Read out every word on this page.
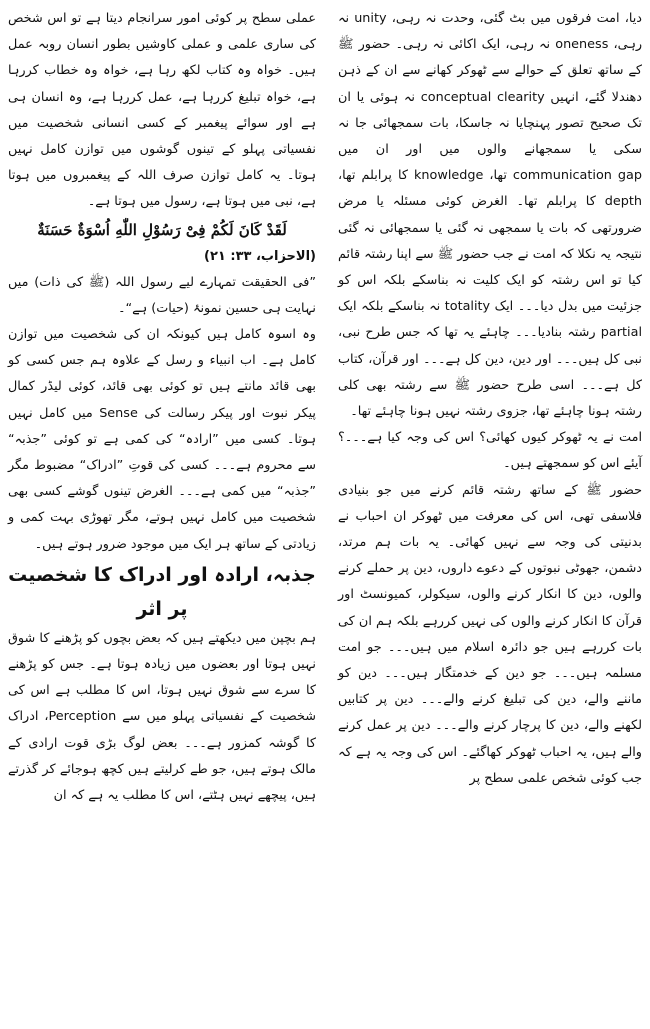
دیا، امت فرقوں میں بٹ گئی، وحدت نہ رہی، unity نہ رہی، oneness نہ رہی، ایک اکائی نہ رہی۔ حضور ﷺ کے ساتھ تعلق کے حوالے سے ٹھوکر کھانے سے ان کے ذہن دھندلا گئے، انہیں conceptual clearity نہ ہوئی یا ان تک صحیح تصور پہنچایا نہ جاسکا، بات سمجھائی جا نہ سکی یا سمجھانے والوں میں اور ان میں communication gap تھا، knowledge کا پرابلم تھا، depth کا پرابلم تھا۔ الغرض کوئی مسئلہ یا مرض ضرورتھی کہ بات یا سمجھی نہ گئی یا سمجھائی نہ گئی نتیجہ یہ نکلا کہ امت نے جب حضور ﷺ سے اپنا رشتہ قائم کیا تو اس رشتہ کو ایک کلیت نہ بناسکے بلکہ اس کو جزئیت میں بدل دیا۔۔۔ ایک totality نہ بناسکے بلکہ ایک partial رشتہ بنادیا۔۔۔ چاہئے یہ تھا کہ جس طرح نبی، نبی کل ہیں۔۔۔ اور دین، دین کل ہے۔۔۔ اور قرآن، کتاب کل ہے۔۔۔ اسی طرح حضور ﷺ سے رشتہ بھی کلی رشتہ ہونا چاہئے تھا، جزوی رشتہ نہیں ہونا چاہئے تھا۔

امت نے یہ ٹھوکر کیوں کھائی؟ اس کی وجہ کیا ہے۔۔۔؟ آیئے اس کو سمجھتے ہیں۔

حضور ﷺ کے ساتھ رشتہ قائم کرنے میں جو بنیادی فلاسفی تھی، اس کی معرفت میں ٹھوکر ان احباب نے بدنیتی کی وجہ سے نہیں کھائی۔ یہ بات ہم مرتد، دشمن، جھوٹی نبوتوں کے دعوے داروں، دین پر حملے کرنے والوں، دین کا انکار کرنے والوں، سیکولر، کمیونسٹ اور قرآن کا انکار کرنے والوں کی نہیں کررہے بلکہ ہم ان کی بات کررہے ہیں جو دائرہ اسلام میں ہیں۔۔۔ جو امت مسلمہ ہیں۔۔۔ جو دین کے خدمتگار ہیں۔۔۔ دین کو ماننے والے، دین کی تبلیغ کرنے والے۔۔۔ دین پر کتابیں لکھنے والے، دین کا پرچار کرنے والے۔۔۔ دین پر عمل کرنے والے ہیں، یہ احباب ٹھوکر کھاگئے۔ اس کی وجہ یہ ہے کہ جب کوئی شخص علمی سطح پر

عملی سطح پر کوئی امور سرانجام دیتا ہے تو اس شخص کی ساری علمی و عملی کاوشیں بطور انسان روبہ عمل ہیں۔ خواہ وہ کتاب لکھ رہا ہے، خواہ وہ خطاب کررہا ہے، خواہ تبلیغ کررہا ہے، عمل کررہا ہے، وہ انسان ہی ہے اور سوائے پیغمبر کے کسی انسانی شخصیت میں نفسیاتی پہلو کے تینوں گوشوں میں توازن کامل نہیں ہوتا۔ یہ کامل توازن صرف اللہ کے پیغمبروں میں ہوتا ہے، نبی میں ہوتا ہے، رسول میں ہوتا ہے۔

لَقَدْ كَانَ لَكُمْ فِیْ رَسُوْلِ اللّٰهِ اُسْوَةٌ حَسَنَةٌ

(الاحزاب، ۳۳: ۲۱)

”فی الحقیقت تمہارے لیے رسول اللہ (ﷺ کی ذات) میں نہایت ہی حسین نمونۂ (حیات) ہے“۔

وہ اسوہ کامل ہیں کیونکہ ان کی شخصیت میں توازن کامل ہے۔ اب انبیاء و رسل کے علاوہ ہم جس کسی کو بھی قائد مانتے ہیں تو کوئی بھی قائد، کوئی لیڈر کمال پیکر نبوت اور پیکر رسالت کی Sense میں کامل نہیں ہوتا۔ کسی میں ”ارادہ“ کی کمی ہے تو کوئی ”جذبہ“ سے محروم ہے۔۔۔ کسی کی قوتِ ”ادراک“ مضبوط مگر ”جذبہ“ میں کمی ہے۔۔۔ الغرض تینوں گوشے کسی بھی شخصیت میں کامل نہیں ہوتے، مگر تھوڑی بہت کمی و زیادتی کے ساتھ ہر ایک میں موجود ضرور ہوتے ہیں۔

جذبہ، ارادہ اور ادراک کا شخصیت پر اثر

ہم بچپن میں دیکھتے ہیں کہ بعض بچوں کو پڑھنے کا شوق نہیں ہوتا اور بعضوں میں زیادہ ہوتا ہے۔ جس کو پڑھنے کا سرے سے شوق نہیں ہوتا، اس کا مطلب ہے اس کی شخصیت کے نفسیاتی پہلو میں سے Perception، ادراک کا گوشہ کمزور ہے۔۔۔ بعض لوگ بڑی قوت ارادی کے مالک ہوتے ہیں، جو طے کرلیتے ہیں کچھ ہوجائے کر گذرتے ہیں، پیچھے نہیں ہٹتے، اس کا مطلب یہ ہے کہ ان
